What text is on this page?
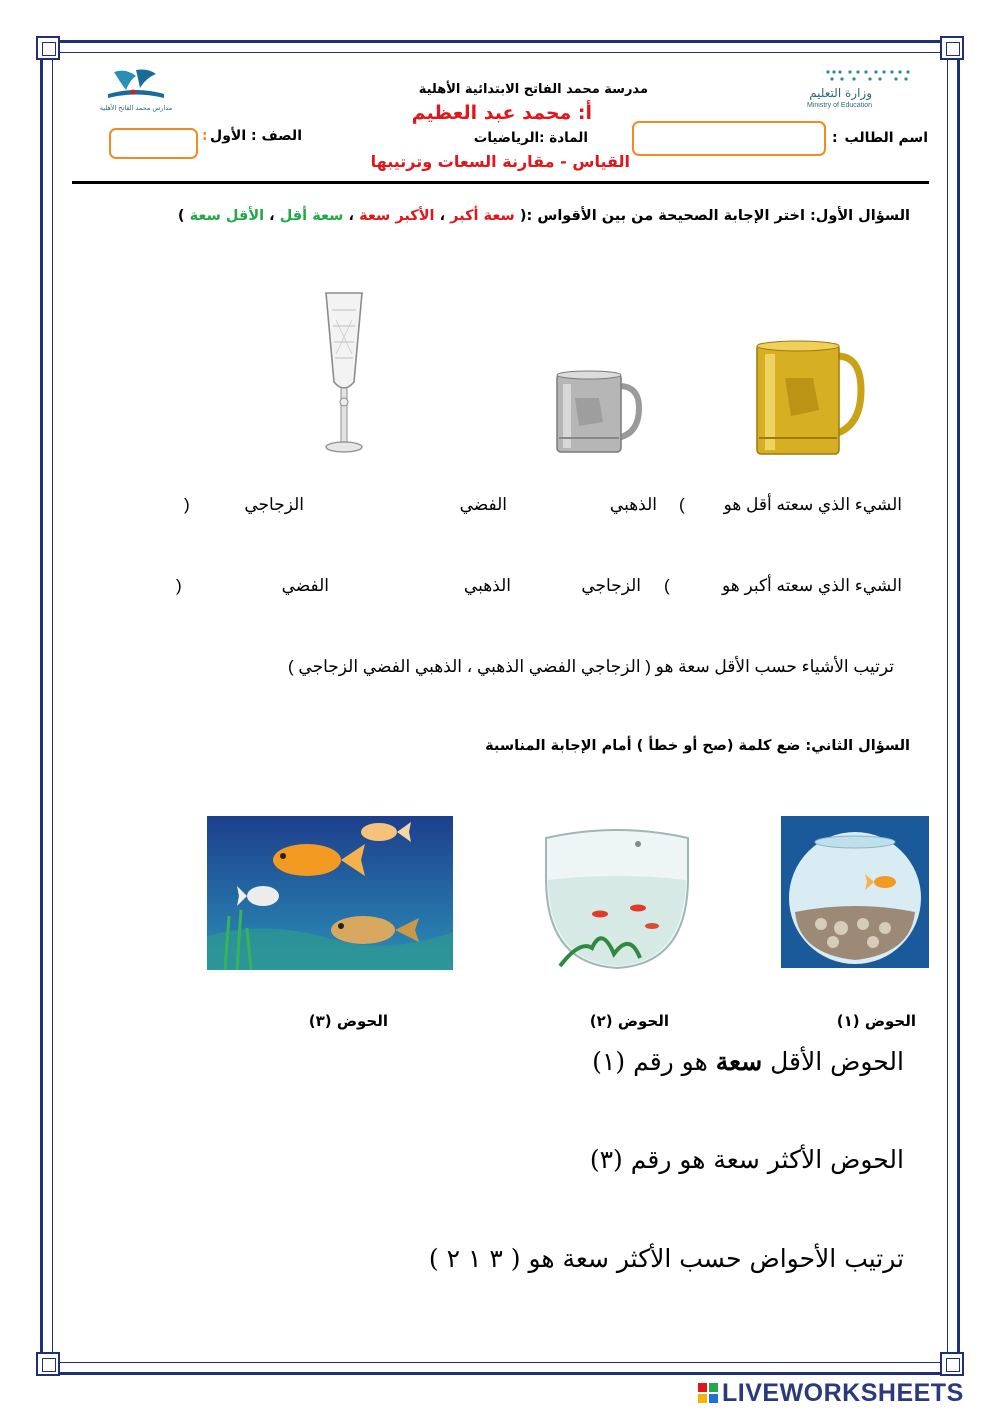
وزارة التعليم
Ministry of Education
مدارس محمد الفاتح الأهلية
مدرسة محمد الفاتح الابتدائية الأهلية
أ: محمد عبد العظيم
المادة :الرياضيات
القياس - مقارنة السعات وترتيبها
اسم الطالب
:
الصف : الأول
:
السؤال الأول: اختر الإجابة الصحيحة من بين الأقواس :( سعة أكبر ، الأكبر سعة ، سعة أقل ، الأقل سعة )
الشيء الذي سعته أقل هو
(
الذهبي
الفضي
الزجاجي
)
الشيء الذي سعته أكبر هو
(
الزجاجي
الذهبي
الفضي
)
ترتيب الأشياء حسب الأقل سعة هو ( الزجاجي الفضي الذهبي ، الذهبي الفضي الزجاجي )
السؤال الثاني: ضع كلمة (صح أو خطأ ) أمام الإجابة المناسبة
الحوض (١)
الحوض (٢)
الحوض (٣)
الحوض الأقل سعة هو رقم (١)
الحوض الأكثر سعة هو رقم (٣)
ترتيب الأحواض حسب الأكثر سعة هو ( ٣ ١ ٢ )
LIVEWORKSHEETS
